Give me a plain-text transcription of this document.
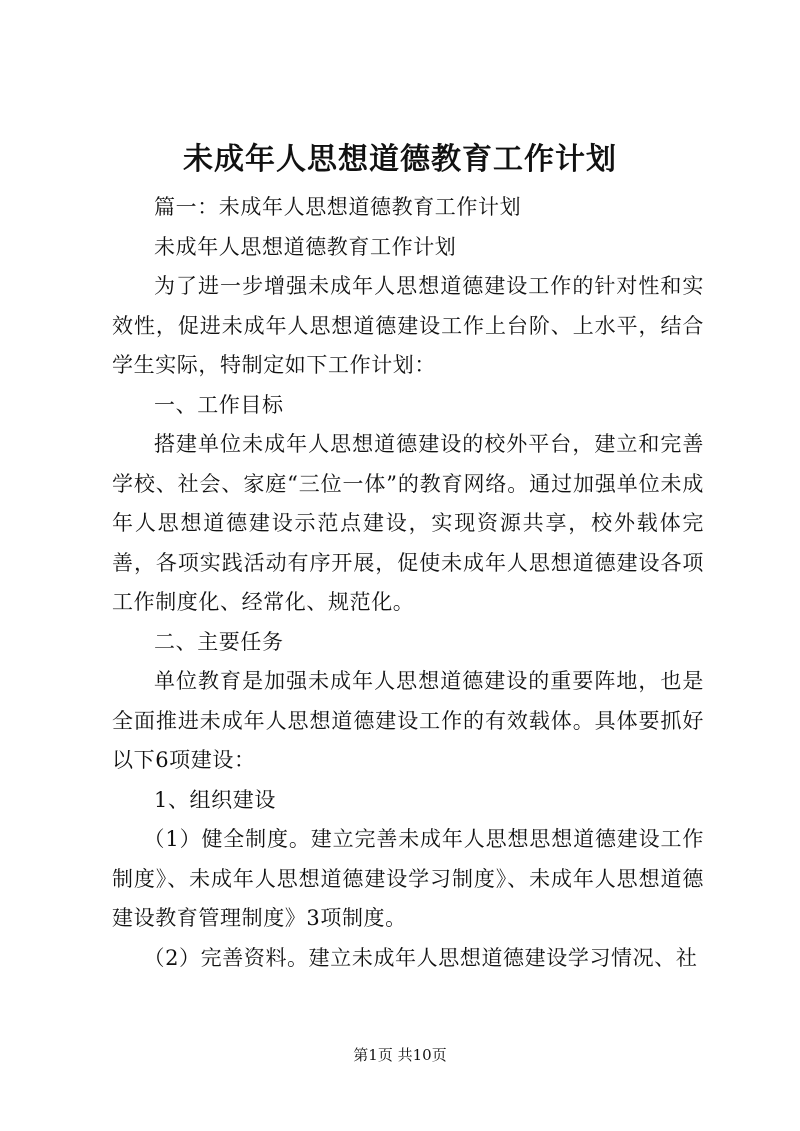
未成年人思想道德教育工作计划

篇一：未成年人思想道德教育工作计划

未成年人思想道德教育工作计划

为了进一步增强未成年人思想道德建设工作的针对性和实效性，促进未成年人思想道德建设工作上台阶、上水平，结合学生实际，特制定如下工作计划：

一、工作目标

搭建单位未成年人思想道德建设的校外平台，建立和完善学校、社会、家庭“三位一体”的教育网络。通过加强单位未成年人思想道德建设示范点建设，实现资源共享，校外载体完善，各项实践活动有序开展，促使未成年人思想道德建设各项工作制度化、经常化、规范化。

二、主要任务

单位教育是加强未成年人思想道德建设的重要阵地，也是全面推进未成年人思想道德建设工作的有效载体。具体要抓好以下6项建设：

1、组织建设

（1）健全制度。建立完善未成年人思想思想道德建设工作制度》、未成年人思想道德建设学习制度》、未成年人思想道德建设教育管理制度》3项制度。

（2）完善资料。建立未成年人思想道德建设学习情况、社

第1页 共10页
